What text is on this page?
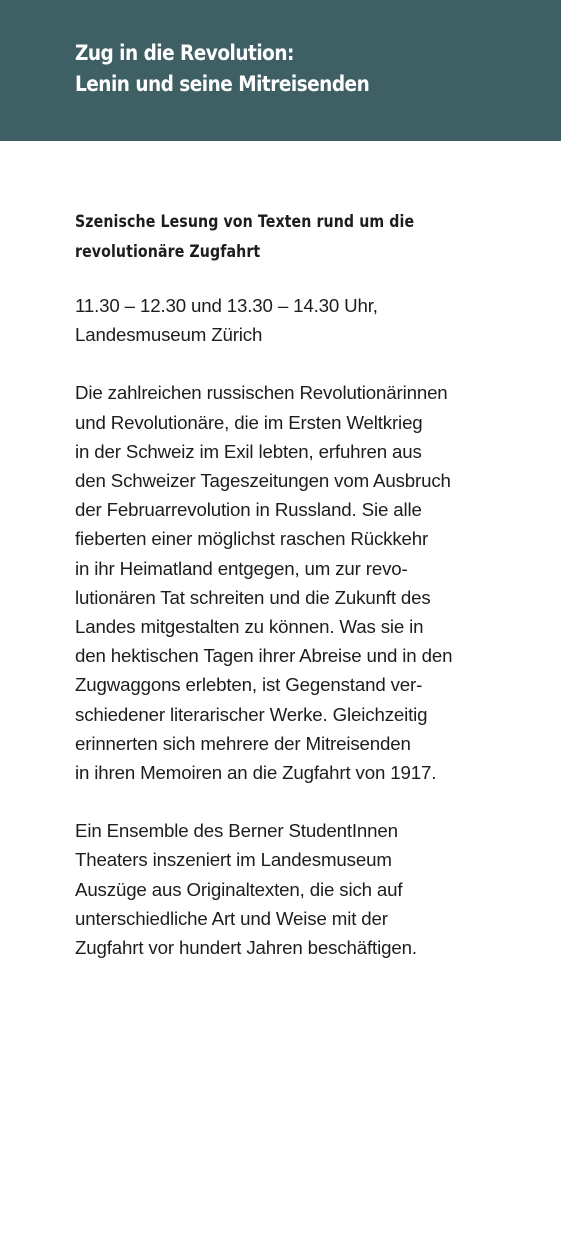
Zug in die Revolution:
Lenin und seine Mitreisenden
Szenische Lesung von Texten rund um die
revolutionäre Zugfahrt
11.30 – 12.30 und 13.30 – 14.30 Uhr,
Landesmuseum Zürich
Die zahlreichen russischen Revolutionärinnen
und Revolutionäre, die im Ersten Weltkrieg
in der Schweiz im Exil lebten, erfuhren aus
den Schweizer Tageszeitungen vom Ausbruch
der Februarrevolution in Russland. Sie alle
fieberten einer möglichst raschen Rückkehr
in ihr Heimatland entgegen, um zur revo-
lutionären Tat schreiten und die Zukunft des
Landes mitgestalten zu können. Was sie in
den hektischen Tagen ihrer Abreise und in den
Zugwaggons erlebten, ist Gegenstand ver-
schiedener literarischer Werke. Gleichzeitig
erinnerten sich mehrere der Mitreisenden
in ihren Memoiren an die Zugfahrt von 1917.
Ein Ensemble des Berner StudentInnen
Theaters inszeniert im Landesmuseum
Auszüge aus Originaltexten, die sich auf
unterschiedliche Art und Weise mit der
Zugfahrt vor hundert Jahren beschäftigen.
